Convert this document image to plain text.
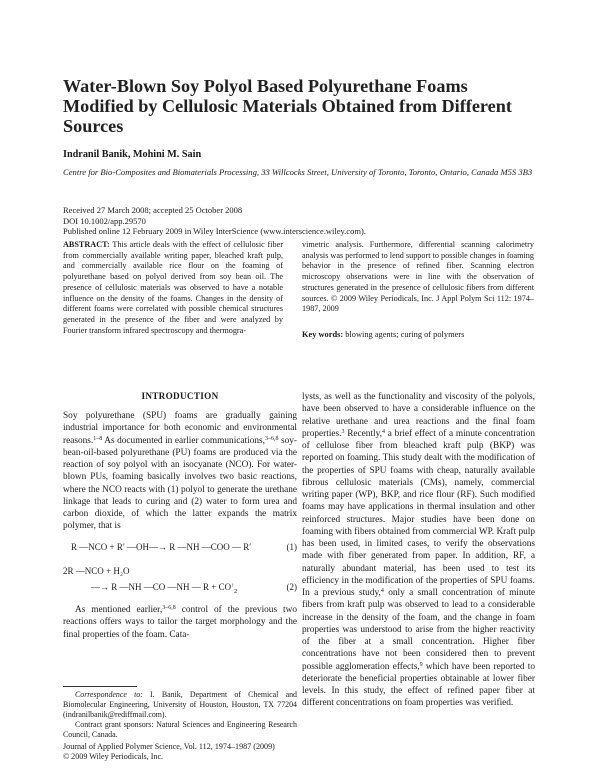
Water-Blown Soy Polyol Based Polyurethane Foams Modified by Cellulosic Materials Obtained from Different Sources
Indranil Banik, Mohini M. Sain
Centre for Bio-Composites and Biomaterials Processing, 33 Willcocks Street, University of Toronto, Toronto, Ontario, Canada M5S 3B3
Received 27 March 2008; accepted 25 October 2008
DOI 10.1002/app.29570
Published online 12 February 2009 in Wiley InterScience (www.interscience.wiley.com).
ABSTRACT: This article deals with the effect of cellulosic fiber from commercially available writing paper, bleached kraft pulp, and commercially available rice flour on the foaming of polyurethane based on polyol derived from soy bean oil. The presence of cellulosic materials was observed to have a notable influence on the density of the foams. Changes in the density of different foams were correlated with possible chemical structures generated in the presence of the fiber and were analyzed by Fourier transform infrared spectroscopy and thermogra-
vimetric analysis. Furthermore, differential scanning calorimetry analysis was performed to lend support to possible changes in foaming behavior in the presence of refined fiber. Scanning electron microscopy observations were in line with the observation of structures generated in the presence of cellulosic fibers from different sources. © 2009 Wiley Periodicals, Inc. J Appl Polym Sci 112: 1974–1987, 2009
Key words: blowing agents; curing of polymers
INTRODUCTION

Soy polyurethane (SPU) foams are gradually gaining industrial importance for both economic and environmental reasons.$^{1-8}$ As documented in earlier communications,$^{3-6,8}$ soy-bean-oil-based polyurethane (PU) foams are produced via the reaction of soy polyol with an isocyanate (NCO). For water-blown PUs, foaming basically involves two basic reactions, where the NCO reacts with (1) polyol to generate the urethane linkage that leads to curing and (2) water to form urea and carbon dioxide, of which the latter expands the matrix polymer, that is

R —NCO + R′ —OH—→ R —NH —COO — R′	(1)
2R —NCO + H₂O
—→ R —NH —CO —NH — $R + CO^↑_2$	(2)

As mentioned earlier,$^{3-6,8}$ control of the previous two reactions offers ways to tailor the target morphology and the final properties of the foam. Cata-

lysts, as well as the functionality and viscosity of the polyols, have been observed to have a considerable influence on the relative urethane and urea reactions and the final foam properties.$^3$ Recently,$^4$ a brief effect of a minute concentration of cellulose fiber from bleached kraft pulp (BKP) was reported on foaming. This study dealt with the modification of the properties of SPU foams with cheap, naturally available fibrous cellulosic materials (CMs), namely, commercial writing paper (WP), BKP, and rice flour (RF). Such modified foams may have applications in thermal insulation and other reinforced structures. Major studies have been done on foaming with fibers obtained from commercial WP. Kraft pulp has been used, in limited cases, to verify the observations made with fiber generated from paper. In addition, RF, a naturally abundant material, has been used to test its efficiency in the modification of the properties of SPU foams. In a previous study,$^4$ only a small concentration of minute fibers from kraft pulp was observed to lead to a considerable increase in the density of the foam, and the change in foam properties was understood to arise from the higher reactivity of the fiber at a small concentration. Higher fiber concentrations have not been considered then to prevent possible agglomeration effects,$^9$ which have been reported to deteriorate the beneficial properties obtainable at lower fiber levels. In this study, the effect of refined paper fiber at different concentrations on foam properties was verified.
Correspondence to: I. Banik, Department of Chemical and Biomolecular Engineering, University of Houston, Houston, TX 77204 (indranilbanik@rediffmail.com).
Contract grant sponsors: Natural Sciences and Engineering Research Council, Canada.
Journal of Applied Polymer Science, Vol. 112, 1974–1987 (2009)
© 2009 Wiley Periodicals, Inc.
